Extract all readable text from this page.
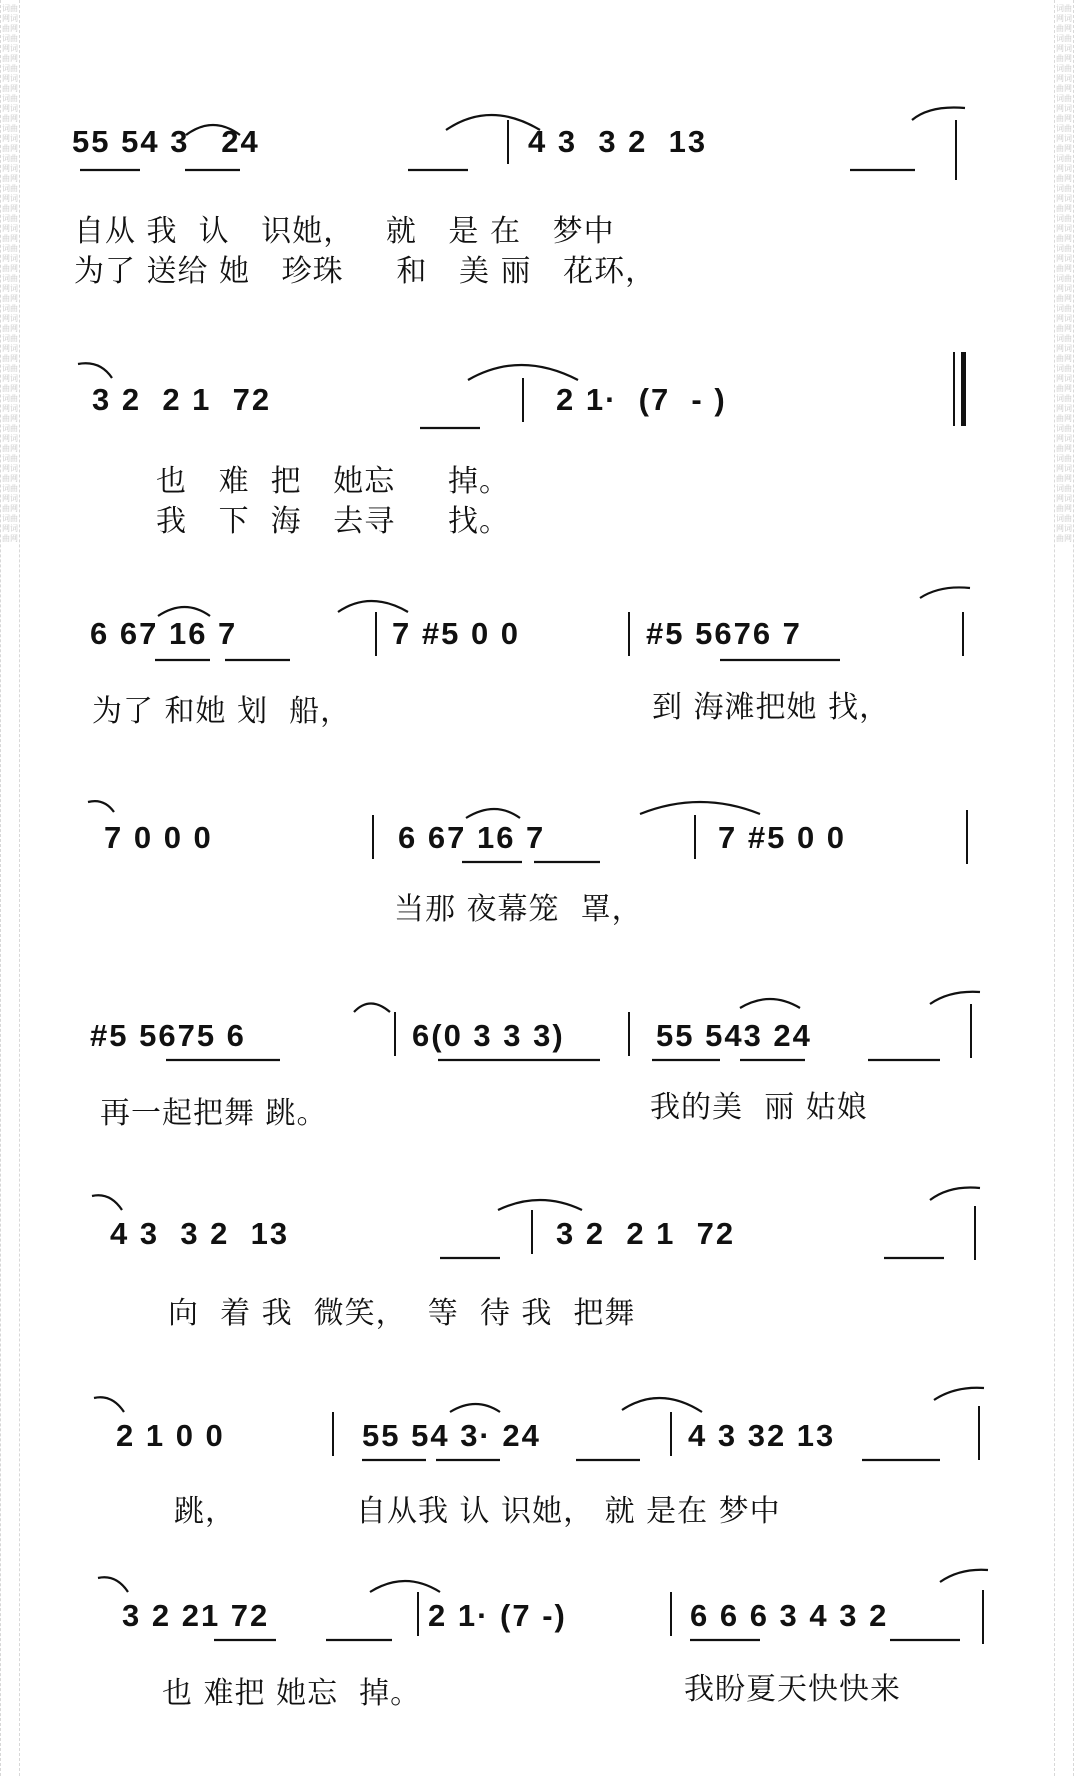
词曲网词曲网词曲网词曲网词曲网词曲网词曲网词曲网词曲网词曲网词曲网词曲网词曲网词曲网词曲网词曲网词曲网词曲网词曲网词曲网词曲网词曲网词曲网词曲网词曲网词曲网词曲网词曲网词曲网词曲网词曲网词曲网词曲网词曲网词曲网词曲网
词曲网词曲网词曲网词曲网词曲网词曲网词曲网词曲网词曲网词曲网词曲网词曲网词曲网词曲网词曲网词曲网词曲网词曲网词曲网词曲网词曲网词曲网词曲网词曲网词曲网词曲网词曲网词曲网词曲网词曲网词曲网词曲网词曲网词曲网词曲网词曲网
55 54 3   24	4 3  3 2  13
自从 我  认   识她，   就   是 在   梦中
为了 送给 她   珍珠     和   美 丽   花环，
3 2  2 1  72	2 1·  (7  - )
也   难  把   她忘     掉。
我   下  海   去寻     找。
6 67 16 7	7 #5 0 0	#5 5676 7
为了 和她 划  船，	到 海滩把她 找，
7 0 0 0	6 67 16 7	7 #5 0 0
当那 夜幕笼  罩，
#5 5675 6	6(0 3 3 3)	55 543 24
再一起把舞 跳。	我的美  丽 姑娘
4 3  3 2  13	3 2  2 1  72
向  着 我  微笑，  等  待 我  把舞
2 1 0 0	55 54 3· 24	4 3 32 13
跳，	自从我 认 识她， 就 是在 梦中
3 2 21 72	2 1· (7 -)	6 6 6 3 4 3 2
也 难把 她忘  掉。	我盼夏天快快来
